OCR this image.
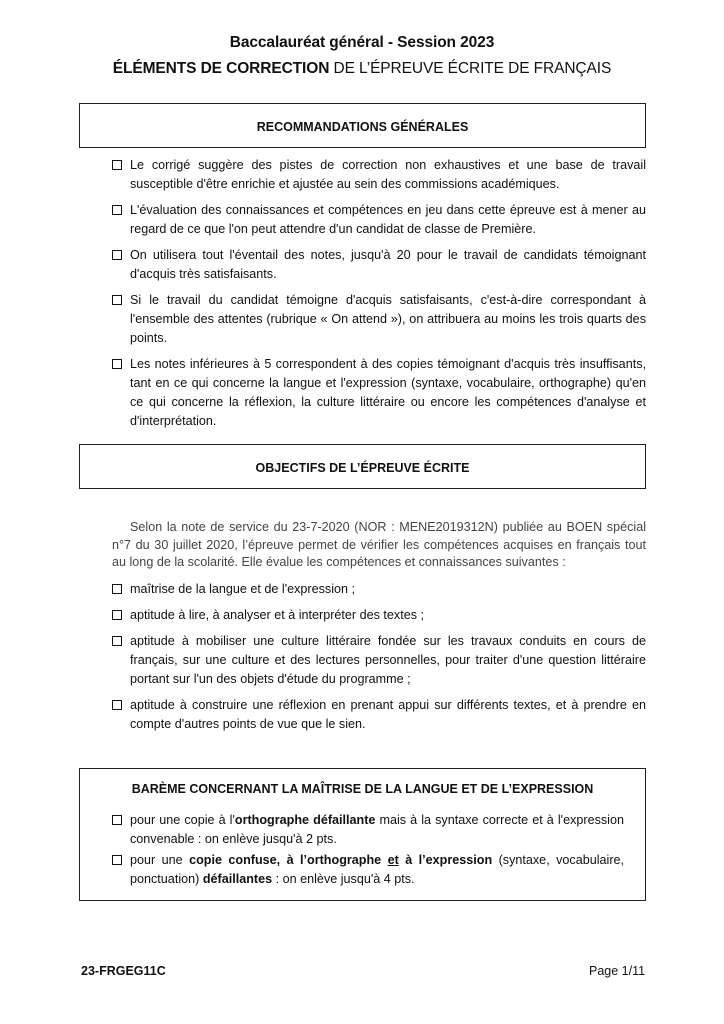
Baccalauréat général - Session 2023
ÉLÉMENTS DE CORRECTION DE L’ÉPREUVE ÉCRITE DE FRANÇAIS
RECOMMANDATIONS GÉNÉRALES
Le corrigé suggère des pistes de correction non exhaustives et une base de travail susceptible d'être enrichie et ajustée au sein des commissions académiques.
L'évaluation des connaissances et compétences en jeu dans cette épreuve est à mener au regard de ce que l'on peut attendre d'un candidat de classe de Première.
On utilisera tout l'éventail des notes, jusqu'à 20 pour le travail de candidats témoignant d'acquis très satisfaisants.
Si le travail du candidat témoigne d'acquis satisfaisants, c'est-à-dire correspondant à l'ensemble des attentes (rubrique « On attend »), on attribuera au moins les trois quarts des points.
Les notes inférieures à 5 correspondent à des copies témoignant d'acquis très insuffisants, tant en ce qui concerne la langue et l'expression (syntaxe, vocabulaire, orthographe) qu'en ce qui concerne la réflexion, la culture littéraire ou encore les compétences d'analyse et d'interprétation.
OBJECTIFS DE L’ÉPREUVE ÉCRITE

Selon la note de service du 23-7-2020 (NOR : MENE2019312N) publiée au BOEN spécial n°7 du 30 juillet 2020, l’épreuve permet de vérifier les compétences acquises en français tout au long de la scolarité. Elle évalue les compétences et connaissances suivantes :

maîtrise de la langue et de l'expression ;
aptitude à lire, à analyser et à interpréter des textes ;
aptitude à mobiliser une culture littéraire fondée sur les travaux conduits en cours de français, sur une culture et des lectures personnelles, pour traiter d'une question littéraire portant sur l'un des objets d'étude du programme ;
aptitude à construire une réflexion en prenant appui sur différents textes, et à prendre en compte d'autres points de vue que le sien.
BARÈME CONCERNANT LA MAÎTRISE DE LA LANGUE ET DE L’EXPRESSION
pour une copie à l'orthographe défaillante mais à la syntaxe correcte et à l'expression convenable : on enlève jusqu'à 2 pts.
pour une copie confuse, à l’orthographe et à l’expression (syntaxe, vocabulaire, ponctuation) défaillantes : on enlève jusqu'à 4 pts.
23-FRGEG11C	Page 1/11
